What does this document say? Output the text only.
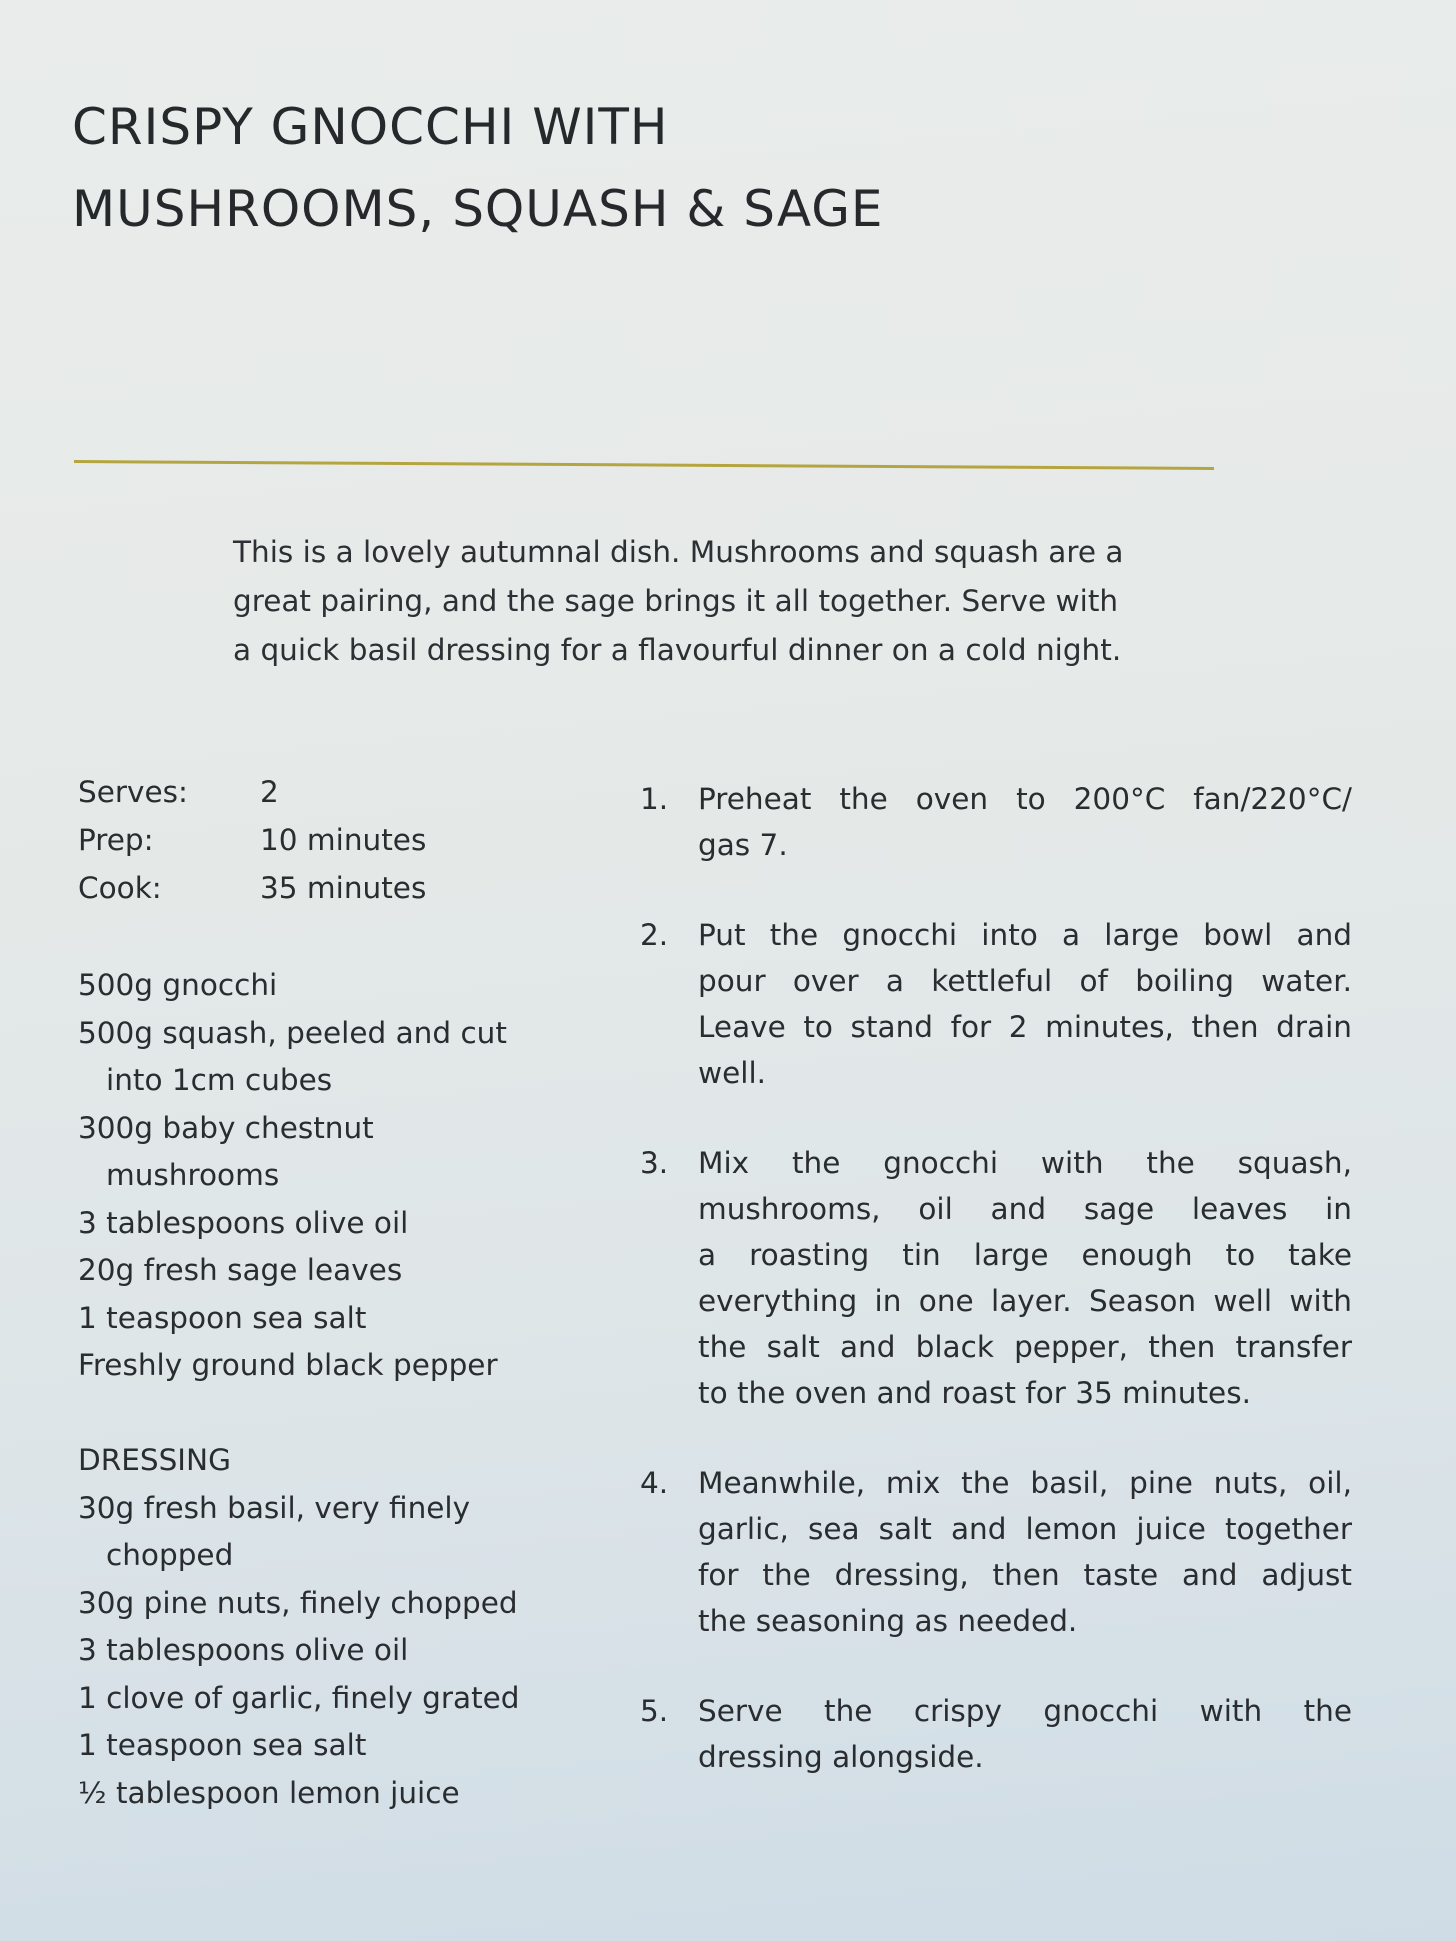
CRISPY GNOCCHI WITH
MUSHROOMS, SQUASH & SAGE
This is a lovely autumnal dish. Mushrooms and squash are a
great pairing, and the sage brings it all together. Serve with
a quick basil dressing for a flavourful dinner on a cold night.
Serves:	2
Prep:	10 minutes
Cook:	35 minutes
500g gnocchi
500g squash, peeled and cut
into 1cm cubes
300g baby chestnut
mushrooms
3 tablespoons olive oil
20g fresh sage leaves
1 teaspoon sea salt
Freshly ground black pepper
DRESSING
30g fresh basil, very finely
chopped
30g pine nuts, finely chopped
3 tablespoons olive oil
1 clove of garlic, finely grated
1 teaspoon sea salt
½ tablespoon lemon juice
1.	Preheat the oven to 200°C fan/220°C/
gas 7.
2.	Put the gnocchi into a large bowl and
pour over a kettleful of boiling water.
Leave to stand for 2 minutes, then drain
well.
3.	Mix the gnocchi with the squash,
mushrooms, oil and sage leaves in
a roasting tin large enough to take
everything in one layer. Season well with
the salt and black pepper, then transfer
to the oven and roast for 35 minutes.
4.	Meanwhile, mix the basil, pine nuts, oil,
garlic, sea salt and lemon juice together
for the dressing, then taste and adjust
the seasoning as needed.
5.	Serve the crispy gnocchi with the
dressing alongside.
